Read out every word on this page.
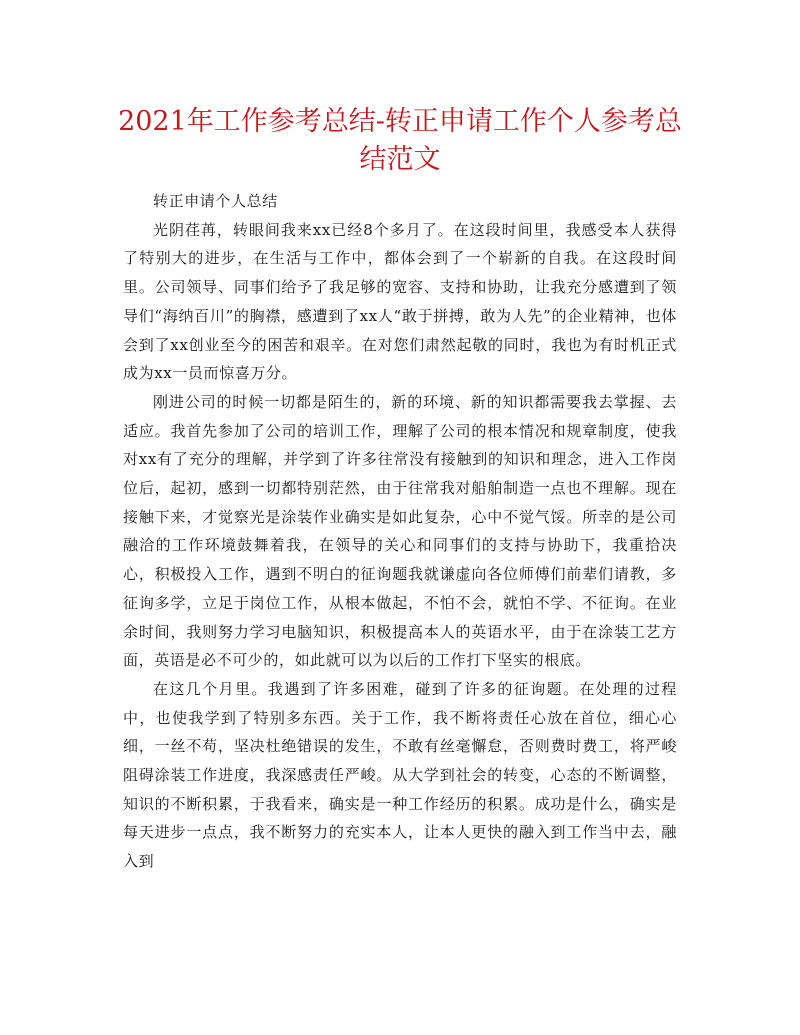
2021年工作参考总结-转正申请工作个人参考总结范文

转正申请个人总结

光阴荏苒，转眼间我来xx已经8个多月了。在这段时间里，我感受本人获得了特别大的进步，在生活与工作中，都体会到了一个崭新的自我。在这段时间里。公司领导、同事们给予了我足够的宽容、支持和协助，让我充分感遭到了领导们“海纳百川”的胸襟，感遭到了xx人“敢于拼搏，敢为人先”的企业精神，也体会到了xx创业至今的困苦和艰辛。在对您们肃然起敬的同时，我也为有时机正式成为xx一员而惊喜万分。

刚进公司的时候一切都是陌生的，新的环境、新的知识都需要我去掌握、去适应。我首先参加了公司的培训工作，理解了公司的根本情况和规章制度，使我对xx有了充分的理解，并学到了许多往常没有接触到的知识和理念，进入工作岗位后，起初，感到一切都特别茫然，由于往常我对船舶制造一点也不理解。现在接触下来，才觉察光是涂装作业确实是如此复杂，心中不觉气馁。所幸的是公司融洽的工作环境鼓舞着我，在领导的关心和同事们的支持与协助下，我重拾决心，积极投入工作，遇到不明白的征询题我就谦虚向各位师傅们前辈们请教，多征询多学，立足于岗位工作，从根本做起，不怕不会，就怕不学、不征询。在业余时间，我则努力学习电脑知识，积极提高本人的英语水平，由于在涂装工艺方面，英语是必不可少的，如此就可以为以后的工作打下坚实的根底。

在这几个月里。我遇到了许多困难，碰到了许多的征询题。在处理的过程中，也使我学到了特别多东西。关于工作，我不断将责任心放在首位，细心心细，一丝不苟，坚决杜绝错误的发生，不敢有丝毫懈怠，否则费时费工，将严峻阻碍涂装工作进度，我深感责任严峻。从大学到社会的转变，心态的不断调整，知识的不断积累，于我看来，确实是一种工作经历的积累。成功是什么，确实是每天进步一点点，我不断努力的充实本人，让本人更快的融入到工作当中去，融入到
